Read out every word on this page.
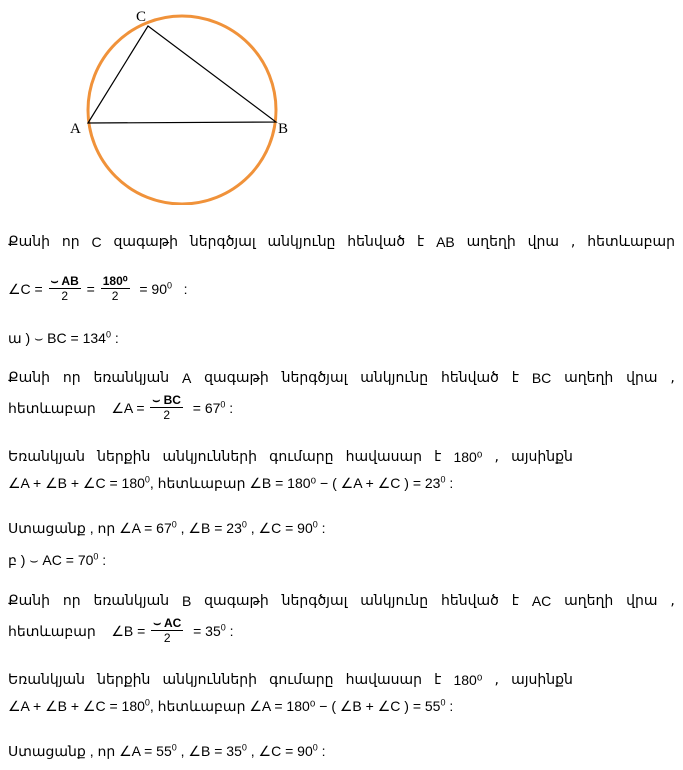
C
A	B
Քանի որ C զագաթի ներգծյալ անկյունը հենված է AB աղեղի վրա , հետևաբար
∠C = $\frac{⌣ AB}{2} = \frac{\text{180⁰}}{2} = 90^0$ :
ա ) ⌣ BC = $134^0$ :
Քանի որ եռանկյան A զագաթի ներգծյալ անկյունը հենված է BC աղեղի վրա ,
հետևաբար ∠A = $\frac{⌣ BC}{2} = 67^0$ :
Եռանկյան ներքին անկյունների գումարը հավասար է 180⁰ , այսինքն
∠A + ∠B + ∠C = $180^0$, հետևաբար ∠B = 180⁰ − ( ∠A + ∠C ) = $23^0$ :
Ստացանք , որ ∠A = $67^0$ , ∠B = $23^0$ , ∠C = $90^0$ :
բ ) ⌣ AC = $70^0$ :
Քանի որ եռանկյան B զագաթի ներգծյալ անկյունը հենված է AC աղեղի վրա ,
հետևաբար ∠B = $\frac{⌣ AC}{2} = 35^0$ :
Եռանկյան ներքին անկյունների գումարը հավասար է 180⁰ , այսինքն
∠A + ∠B + ∠C = $180^0$, հետևաբար ∠A = 180⁰ − ( ∠B + ∠C ) = $55^0$ :
Ստացանք , որ ∠A = $55^0$ , ∠B = $35^0$ , ∠C = $90^0$ :
